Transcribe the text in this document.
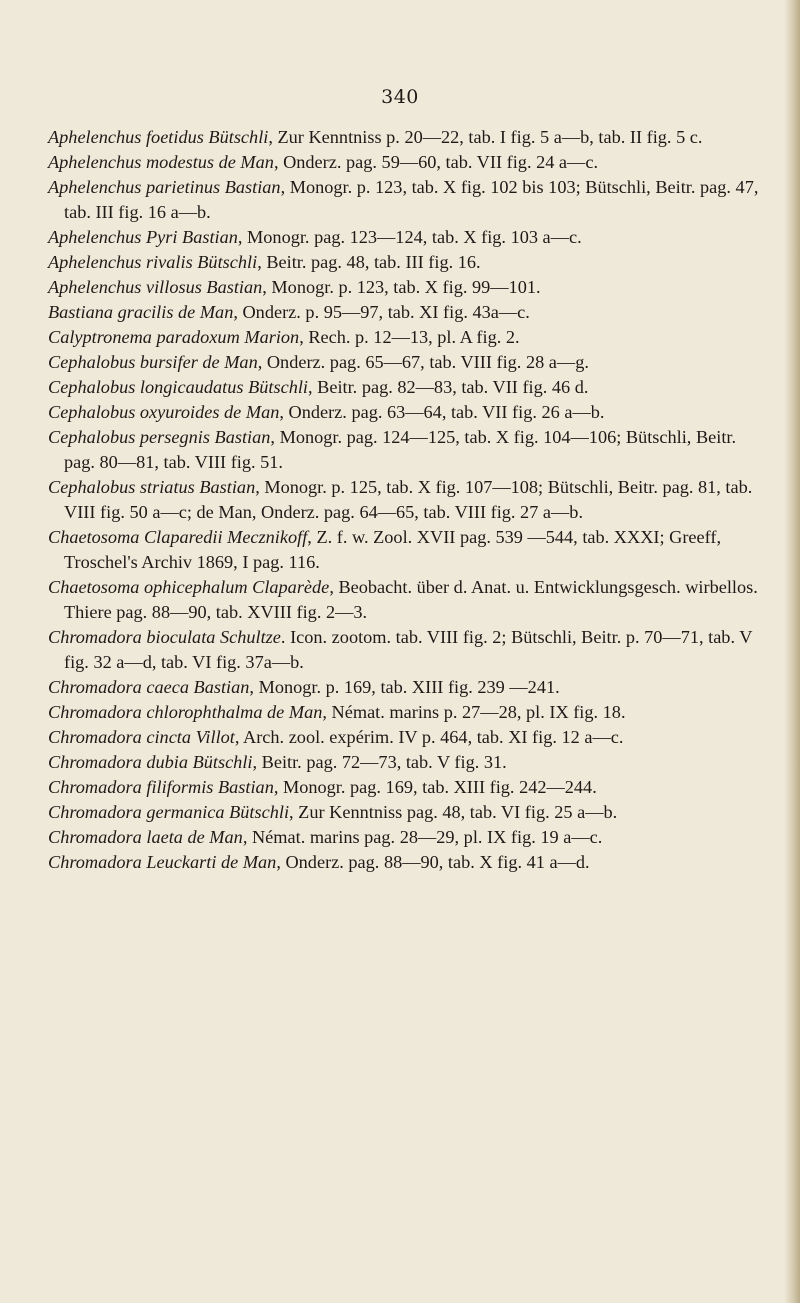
340

Aphelenchus foetidus Bütschli, Zur Kenntniss p. 20—22, tab. I fig. 5 a—b, tab. II fig. 5 c.

Aphelenchus modestus de Man, Onderz. pag. 59—60, tab. VII fig. 24 a—c.

Aphelenchus parietinus Bastian, Monogr. p. 123, tab. X fig. 102 bis 103; Bütschli, Beitr. pag. 47, tab. III fig. 16 a—b.

Aphelenchus Pyri Bastian, Monogr. pag. 123—124, tab. X fig. 103 a—c.

Aphelenchus rivalis Bütschli, Beitr. pag. 48, tab. III fig. 16.

Aphelenchus villosus Bastian, Monogr. p. 123, tab. X fig. 99—101.

Bastiana gracilis de Man, Onderz. p. 95—97, tab. XI fig. 43a—c.

Calyptronema paradoxum Marion, Rech. p. 12—13, pl. A fig. 2.

Cephalobus bursifer de Man, Onderz. pag. 65—67, tab. VIII fig. 28 a—g.

Cephalobus longicaudatus Bütschli, Beitr. pag. 82—83, tab. VII fig. 46 d.

Cephalobus oxyuroides de Man, Onderz. pag. 63—64, tab. VII fig. 26 a—b.

Cephalobus persegnis Bastian, Monogr. pag. 124—125, tab. X fig. 104—106; Bütschli, Beitr. pag. 80—81, tab. VIII fig. 51.

Cephalobus striatus Bastian, Monogr. p. 125, tab. X fig. 107—108; Bütschli, Beitr. pag. 81, tab. VIII fig. 50 a—c; de Man, Onderz. pag. 64—65, tab. VIII fig. 27 a—b.

Chaetosoma Claparedii Mecznikoff, Z. f. w. Zool. XVII pag. 539 —544, tab. XXXI; Greeff, Troschel's Archiv 1869, I pag. 116.

Chaetosoma ophicephalum Claparède, Beobacht. über d. Anat. u. Entwicklungsgesch. wirbellos. Thiere pag. 88—90, tab. XVIII fig. 2—3.

Chromadora bioculata Schultze. Icon. zootom. tab. VIII fig. 2; Bütschli, Beitr. p. 70—71, tab. V fig. 32 a—d, tab. VI fig. 37a—b.

Chromadora caeca Bastian, Monogr. p. 169, tab. XIII fig. 239 —241.

Chromadora chlorophthalma de Man, Némat. marins p. 27—28, pl. IX fig. 18.

Chromadora cincta Villot, Arch. zool. expérim. IV p. 464, tab. XI fig. 12 a—c.

Chromadora dubia Bütschli, Beitr. pag. 72—73, tab. V fig. 31.

Chromadora filiformis Bastian, Monogr. pag. 169, tab. XIII fig. 242—244.

Chromadora germanica Bütschli, Zur Kenntniss pag. 48, tab. VI fig. 25 a—b.

Chromadora laeta de Man, Némat. marins pag. 28—29, pl. IX fig. 19 a—c.

Chromadora Leuckarti de Man, Onderz. pag. 88—90, tab. X fig. 41 a—d.
